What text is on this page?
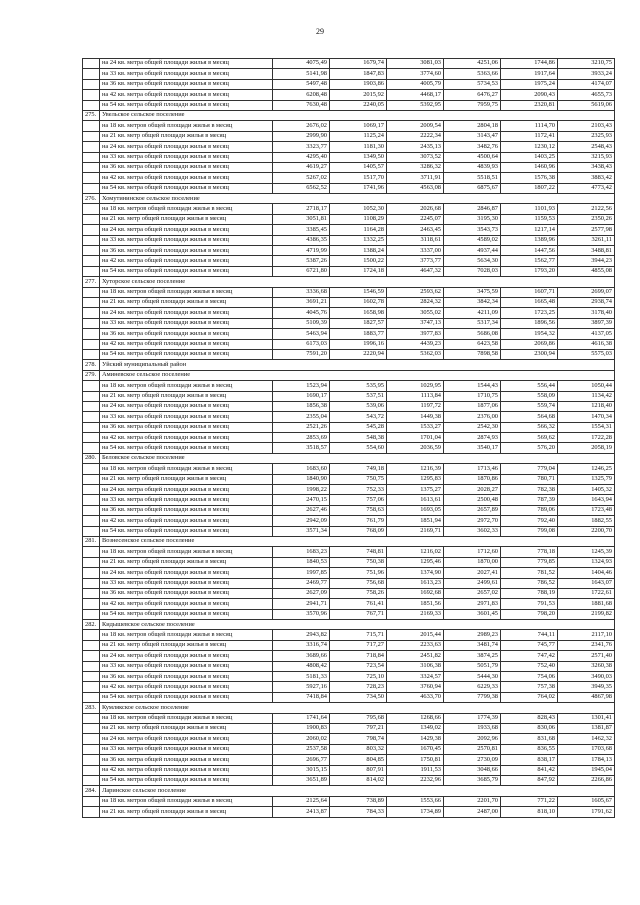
29
	на 24 кв. метра общей площади жилья в месяц	4075,49	1679,74	3081,03	4251,06	1744,86	3210,75
	на 33 кв. метра общей площади жилья в месяц	5141,98	1847,83	3774,60	5363,66	1917,64	3933,24
	на 36 кв. метра общей площади жилья в месяц	5497,48	1903,86	4005,79	5734,53	1975,24	4174,07
	на 42 кв. метра общей площади жилья в месяц	6208,48	2015,92	4468,17	6476,27	2090,43	4655,73
	на 54 кв. метра общей площади жилья в месяц	7630,48	2240,05	5392,95	7959,75	2320,81	5619,06
275.	Увельское сельское поселение						
	на 18 кв. метров общей площади жилья в месяц	2676,02	1069,17	2009,54	2804,18	1114,70	2103,43
	на 21 кв. метр общей площади жилья в месяц	2999,90	1125,24	2222,34	3143,47	1172,41	2325,93
	на 24 кв. метра общей площади жилья в месяц	3323,77	1181,30	2435,13	3482,76	1230,12	2548,43
	на 33 кв. метра общей площади жилья в месяц	4295,40	1349,50	3073,52	4500,64	1403,25	3215,93
	на 36 кв. метра общей площади жилья в месяц	4619,27	1405,57	3286,32	4839,93	1460,96	3438,43
	на 42 кв. метра общей площади жилья в месяц	5267,02	1517,70	3711,91	5518,51	1576,38	3883,42
	на 54 кв. метра общей площади жилья в месяц	6562,52	1741,96	4563,08	6875,67	1807,22	4773,42
276.	Хомутининское сельское поселение						
	на 18 кв. метров общей площади жилья в месяц	2718,17	1052,30	2026,68	2846,87	1101,93	2122,56
	на 21 кв. метр общей площади жилья в месяц	3051,81	1108,29	2245,07	3195,30	1159,53	2350,26
	на 24 кв. метра общей площади жилья в месяц	3385,45	1164,28	2463,45	3543,73	1217,14	2577,98
	на 33 кв. метра общей площади жилья в месяц	4386,35	1332,25	3118,61	4589,02	1389,96	3261,11
	на 36 кв. метра общей площади жилья в месяц	4719,99	1388,24	3337,00	4937,44	1447,56	3488,81
	на 42 кв. метра общей площади жилья в месяц	5387,26	1500,22	3773,77	5634,30	1562,77	3944,23
	на 54 кв. метра общей площади жилья в месяц	6721,80	1724,18	4647,32	7028,03	1793,20	4855,08
277.	Хуторское сельское поселение						
	на 18 кв. метров общей площади жилья в месяц	3336,68	1546,59	2593,62	3475,59	1607,71	2699,07
	на 21 кв. метр общей площади жилья в месяц	3691,21	1602,78	2824,32	3842,34	1665,48	2938,74
	на 24 кв. метра общей площади жилья в месяц	4045,76	1658,98	3055,02	4211,09	1723,25	3178,40
	на 33 кв. метра общей площади жилья в месяц	5109,39	1827,57	3747,13	5317,34	1896,56	3897,39
	на 36 кв. метра общей площади жилья в месяц	5463,94	1883,77	3977,83	5686,08	1954,32	4137,05
	на 42 кв. метра общей площади жилья в месяц	6173,03	1996,16	4439,23	6423,58	2069,86	4616,38
	на 54 кв. метра общей площади жилья в месяц	7591,20	2220,94	5362,03	7898,58	2300,94	5575,03
278.	Уйский муниципальный район						
279.	Аминевское сельское поселение						
	на 18 кв. метров общей площади жилья в месяц	1523,94	535,95	1029,95	1544,43	556,44	1050,44
	на 21 кв. метр общей площади жилья в месяц	1690,17	537,51	1113,84	1710,75	558,09	1134,42
	на 24 кв. метра общей площади жилья в месяц	1856,38	539,06	1197,72	1877,06	559,74	1218,40
	на 33 кв. метра общей площади жилья в месяц	2355,04	543,72	1449,38	2376,00	564,68	1470,34
	на 36 кв. метра общей площади жилья в месяц	2521,26	545,28	1533,27	2542,30	566,32	1554,31
	на 42 кв. метра общей площади жилья в месяц	2853,69	548,38	1701,04	2874,93	569,62	1722,28
	на 54 кв. метра общей площади жилья в месяц	3518,57	554,60	2036,59	3540,17	576,20	2058,19
280.	Беловское сельское поселение						
	на 18 кв. метров общей площади жилья в месяц	1683,60	749,18	1216,39	1713,46	779,04	1246,25
	на 21 кв. метр общей площади жилья в месяц	1840,90	750,75	1295,83	1870,86	780,71	1325,79
	на 24 кв. метра общей площади жилья в месяц	1998,22	752,33	1375,27	2028,27	782,38	1405,32
	на 33 кв. метра общей площади жилья в месяц	2470,15	757,06	1613,61	2500,48	787,39	1643,94
	на 36 кв. метра общей площади жилья в месяц	2627,46	758,63	1693,05	2657,89	789,06	1723,48
	на 42 кв. метра общей площади жилья в месяц	2942,09	761,79	1851,94	2972,70	792,40	1882,55
	на 54 кв. метра общей площади жилья в месяц	3571,34	768,09	2169,71	3602,33	799,08	2200,70
281.	Вознесенское сельское поселение						
	на 18 кв. метров общей площади жилья в месяц	1683,23	748,81	1216,02	1712,60	778,18	1245,39
	на 21 кв. метр общей площади жилья в месяц	1840,53	750,38	1295,46	1870,00	779,85	1324,93
	на 24 кв. метра общей площади жилья в месяц	1997,85	751,96	1374,90	2027,41	781,52	1404,46
	на 33 кв. метра общей площади жилья в месяц	2469,77	756,68	1613,23	2499,61	786,52	1643,07
	на 36 кв. метра общей площади жилья в месяц	2627,09	758,26	1692,68	2657,02	788,19	1722,61
	на 42 кв. метра общей площади жилья в месяц	2941,71	761,41	1851,56	2971,83	791,53	1881,68
	на 54 кв. метра общей площади жилья в месяц	3570,96	767,71	2169,33	3601,45	798,20	2199,82
282.	Кидышевское сельское поселение						
	на 18 кв. метров общей площади жилья в месяц	2943,82	715,71	2015,44	2989,23	744,11	2117,10
	на 21 кв. метр общей площади жилья в месяц	3316,74	717,27	2233,63	3481,74	745,77	2341,76
	на 24 кв. метра общей площади жилья в месяц	3689,66	718,84	2451,82	3874,25	747,42	2571,40
	на 33 кв. метра общей площади жилья в месяц	4808,42	723,54	3106,38	5051,79	752,40	3260,38
	на 36 кв. метра общей площади жилья в месяц	5181,33	725,10	3324,57	5444,30	754,06	3490,03
	на 42 кв. метра общей площади жилья в месяц	5927,16	728,23	3760,94	6229,33	757,38	3949,35
	на 54 кв. метра общей площади жилья в месяц	7418,84	734,50	4633,70	7799,38	764,02	4867,98
283.	Кумлякское сельское поселение						
	на 18 кв. метров общей площади жилья в месяц	1741,64	795,68	1268,66	1774,39	828,43	1301,41
	на 21 кв. метр общей площади жилья в месяц	1900,83	797,21	1349,02	1933,68	830,06	1381,87
	на 24 кв. метра общей площади жилья в месяц	2060,02	798,74	1429,38	2092,96	831,68	1462,32
	на 33 кв. метра общей площади жилья в месяц	2537,58	803,32	1670,45	2570,81	836,55	1703,68
	на 36 кв. метра общей площади жилья в месяц	2696,77	804,85	1750,81	2730,09	838,17	1784,13
	на 42 кв. метра общей площади жилья в месяц	3015,15	807,91	1911,53	3048,66	841,42	1945,04
	на 54 кв. метра общей площади жилья в месяц	3651,89	814,02	2232,96	3685,79	847,92	2266,86
284.	Ларинское сельское поселение						
	на 18 кв. метров общей площади жилья в месяц	2125,64	738,89	1553,66	2201,70	771,22	1605,67
	на 21 кв. метр общей площади жилья в месяц	2413,87	784,33	1734,89	2487,00	818,10	1791,62
